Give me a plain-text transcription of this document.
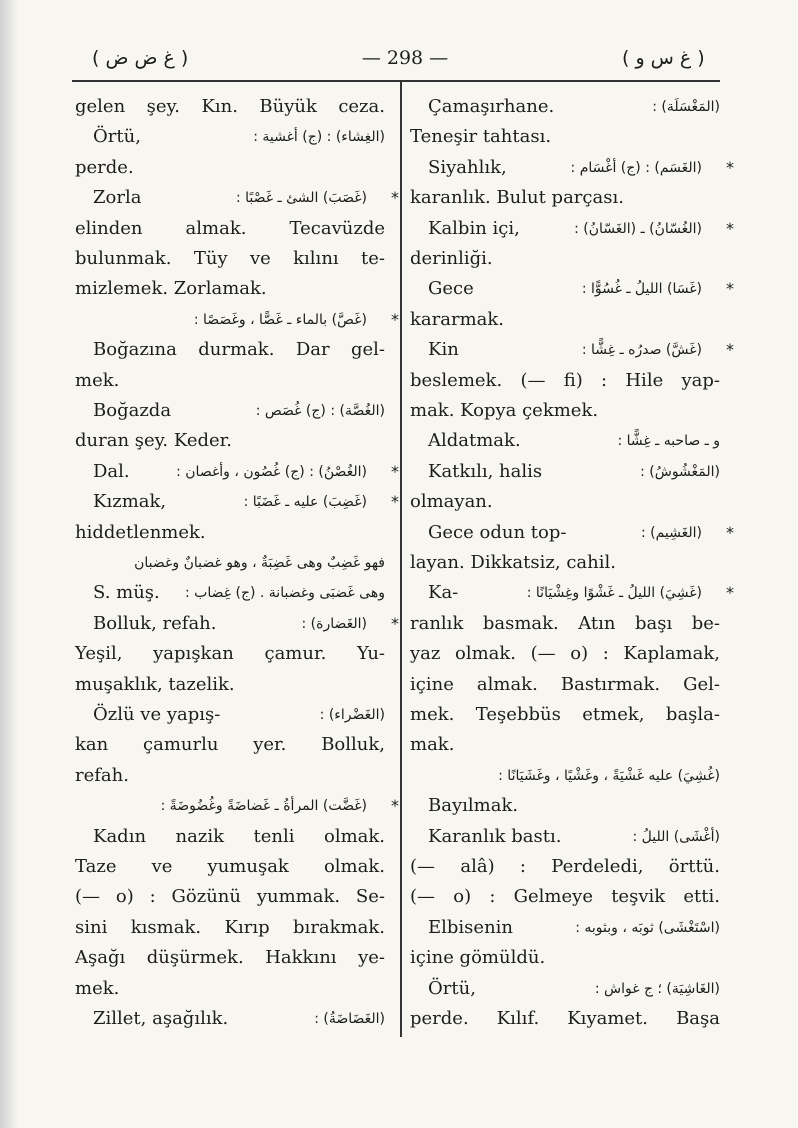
( غ ض ض )	— 298 —	( غ س و )
gelen şey. Kın. Büyük ceza.
Örtü,	(الغِشاء) : (ج) أغشية :
perde.
Zorla	(غَصَبَ) الشئ ـ غَصْبًا : *
elinden almak. Tecavüzde
bulunmak. Tüy ve kılını te-
mizlemek. Zorlamak.
(غَصَّ) بالماء ـ غَصًّا ، وغَصَصًا : *
Boğazına durmak. Dar gel-
mek.
Boğazda	(الغُصَّة) : (ج) غُصَص :
duran şey. Keder.
Dal.	(الغُصْنُ) : (ج) غُصُون ، وأغصان : *
Kızmak,	(غَضِبَ) عليه ـ غَضَبًا : *
hiddetlenmek.
فهو غَضِبٌ وهى غَضِبَةٌ ، وهو غضبانٌ وغضبان
S. müş. وهى غَضبَى وغضبانة . (ج) غِضاب :
Bolluk, refah.	(الغَضارة) : *
Yeşil, yapışkan çamur. Yu-
muşaklık, tazelik.
Özlü ve yapış-	(الغَضْراء) :
kan çamurlu yer. Bolluk,
refah.
(غَضَّت) المرأةُ ـ غَضاضَةً وغُضُوضَةً : *
Kadın nazik tenli olmak.
Taze ve yumuşak olmak.
(— o) : Gözünü yummak. Se-
sini kısmak. Kırıp bırakmak.
Aşağı düşürmek. Hakkını ye-
mek.
Zillet, aşağılık.	(الغَضَاضَةُ) :
Çamaşırhane.	(المَغْسَلَة) :
Teneşir tahtası.
Siyahlık,	(الغَسَم) : (ج) أغْسَام : *
karanlık. Bulut parçası.
Kalbin içi,	(الغُسّانُ) ـ (الغَسّانُ) : *
derinliği.
Gece	(غَسَا) الليلُ ـ غُسُوًّا : *
kararmak.
Kin	(غَشَّ) صدرُه ـ غِشًّا : *
beslemek. (— fi) : Hile yap-
mak. Kopya çekmek.
Aldatmak.	و ـ صاحبه ـ غِشًّا :
Katkılı, halis	(المَغْشُوشُ) :
olmayan.
Gece odun top-	(الغَشِيم) : *
layan. Dikkatsiz, cahil.
Ka-	(غَشِيَ) الليلُ ـ غَشْوًا وغِشْيَانًا : *
ranlık basmak. Atın başı be-
yaz olmak. (— o) : Kaplamak,
içine almak. Bastırmak. Gel-
mek. Teşebbüs etmek, başla-
mak.
(غُشِيَ) عليه غَشْيَةً ، وغَشْيًا ، وغَشَيَانًا :
Bayılmak.
Karanlık bastı.	(أغْشَى) الليلُ :
(— alâ) : Perdeledi, örttü.
(— o) : Gelmeye teşvik etti.
Elbisenin	(اسْتَغْشَى) ثوبَه ، وبثوبه :
içine gömüldü.
Örtü,	(الغَاشِيَة) ؛ ج غواش :
perde. Kılıf. Kıyamet. Başa
